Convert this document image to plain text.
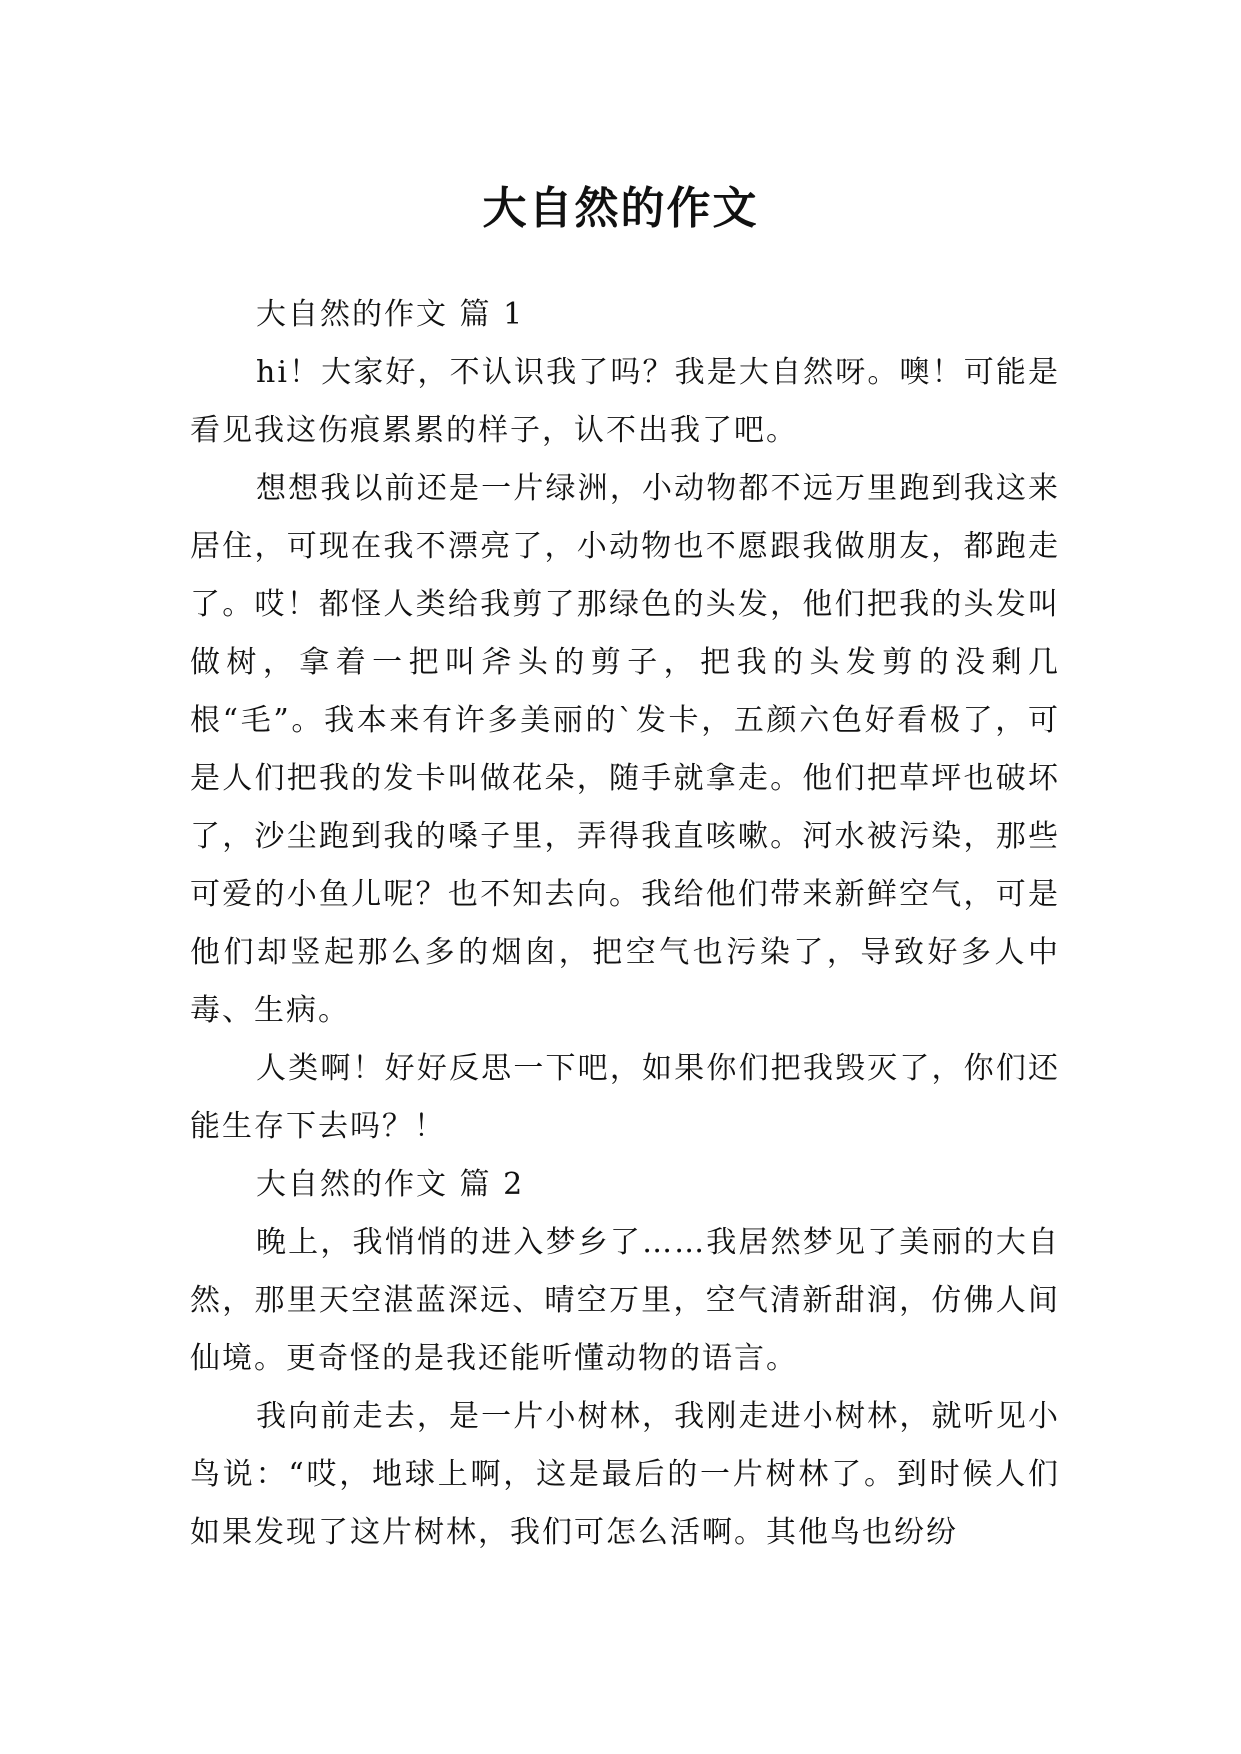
大自然的作文

大自然的作文 篇 1

hi！大家好，不认识我了吗？我是大自然呀。噢！可能是看见我这伤痕累累的样子，认不出我了吧。

想想我以前还是一片绿洲，小动物都不远万里跑到我这来居住，可现在我不漂亮了，小动物也不愿跟我做朋友，都跑走了。哎！都怪人类给我剪了那绿色的头发，他们把我的头发叫做树，拿着一把叫斧头的剪子，把我的头发剪的没剩几根“毛”。我本来有许多美丽的`发卡，五颜六色好看极了，可是人们把我的发卡叫做花朵，随手就拿走。他们把草坪也破坏了，沙尘跑到我的嗓子里，弄得我直咳嗽。河水被污染，那些可爱的小鱼儿呢？也不知去向。我给他们带来新鲜空气，可是他们却竖起那么多的烟囱，把空气也污染了，导致好多人中毒、生病。

人类啊！好好反思一下吧，如果你们把我毁灭了，你们还能生存下去吗？！

大自然的作文 篇 2

晚上，我悄悄的进入梦乡了……我居然梦见了美丽的大自然，那里天空湛蓝深远、晴空万里，空气清新甜润，仿佛人间仙境。更奇怪的是我还能听懂动物的语言。

我向前走去，是一片小树林，我刚走进小树林，就听见小鸟说：“哎，地球上啊，这是最后的一片树林了。到时候人们如果发现了这片树林，我们可怎么活啊。其他鸟也纷纷
